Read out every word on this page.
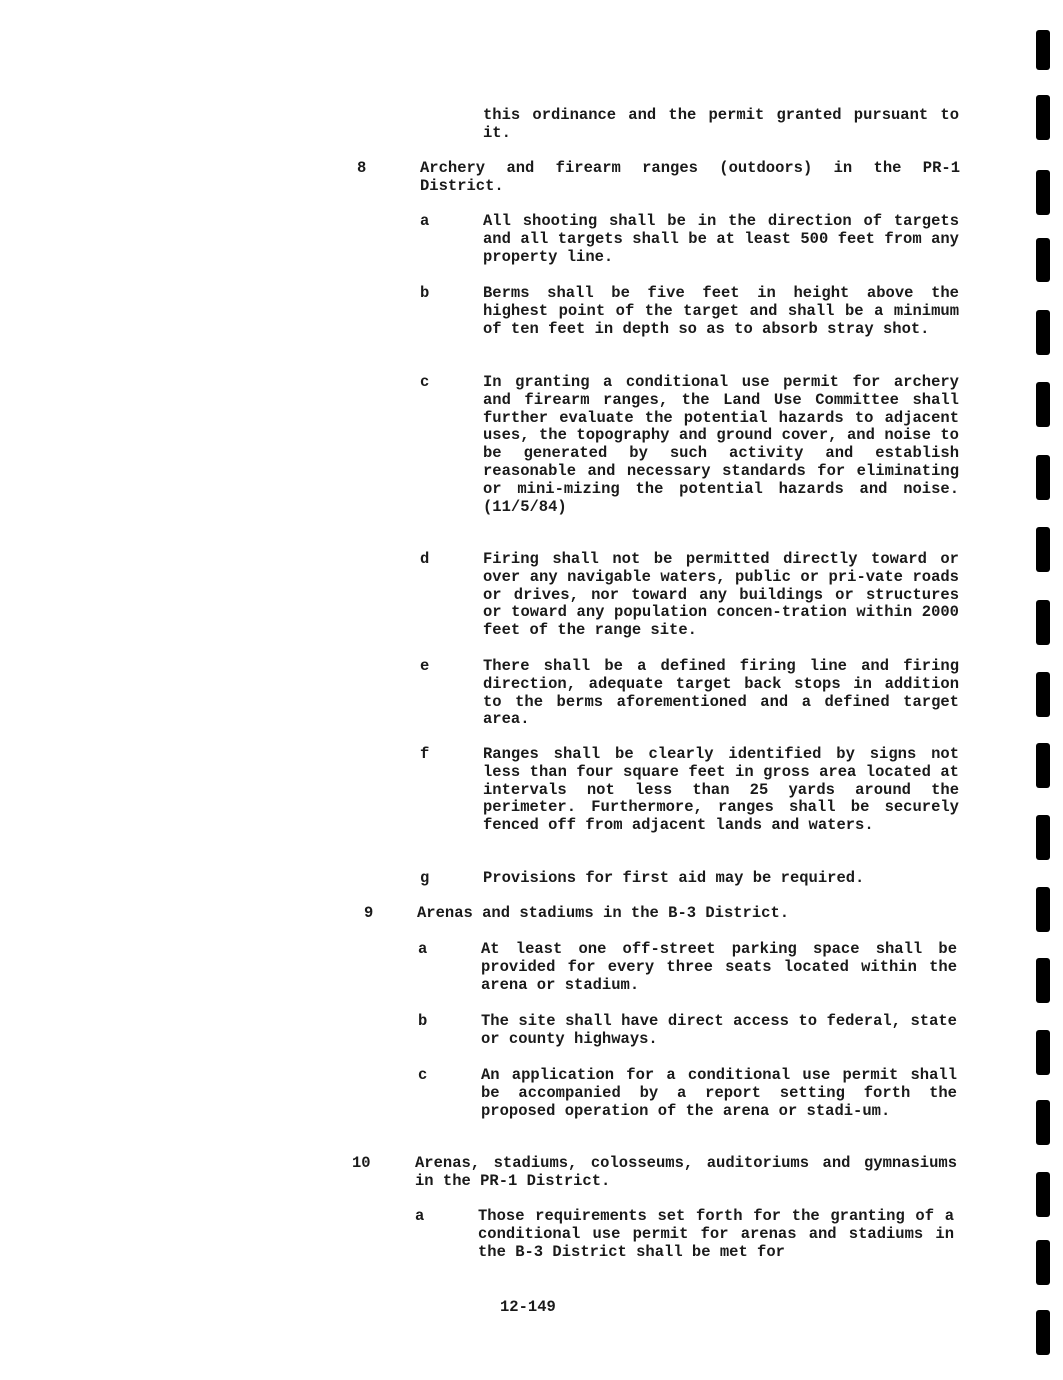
this ordinance and the permit granted pursuant to it.
8	Archery and firearm ranges (outdoors) in the PR-1 District.
a	All shooting shall be in the direction of targets and all targets shall be at least 500 feet from any property line.
b	Berms shall be five feet in height above the highest point of the target and shall be a minimum of ten feet in depth so as to absorb stray shot.
c	In granting a conditional use permit for archery and firearm ranges, the Land Use Committee shall further evaluate the potential hazards to adjacent uses, the topography and ground cover, and noise to be generated by such activity and establish reasonable and necessary standards for eliminating or mini-mizing the potential hazards and noise. (11/5/84)
d	Firing shall not be permitted directly toward or over any navigable waters, public or pri-vate roads or drives, nor toward any buildings or structures or toward any population concen-tration within 2000 feet of the range site.
e	There shall be a defined firing line and firing direction, adequate target back stops in addition to the berms aforementioned and a defined target area.
f	Ranges shall be clearly identified by signs not less than four square feet in gross area located at intervals not less than 25 yards around the perimeter. Furthermore, ranges shall be securely fenced off from adjacent lands and waters.
g	Provisions for first aid may be required.
9	Arenas and stadiums in the B-3 District.
a	At least one off-street parking space shall be provided for every three seats located within the arena or stadium.
b	The site shall have direct access to federal, state or county highways.
c	An application for a conditional use permit shall be accompanied by a report setting forth the proposed operation of the arena or stadi-um.
10	Arenas, stadiums, colosseums, auditoriums and gymnasiums in the PR-1 District.
a	Those requirements set forth for the granting of a conditional use permit for arenas and stadiums in the B-3 District shall be met for
12-149
